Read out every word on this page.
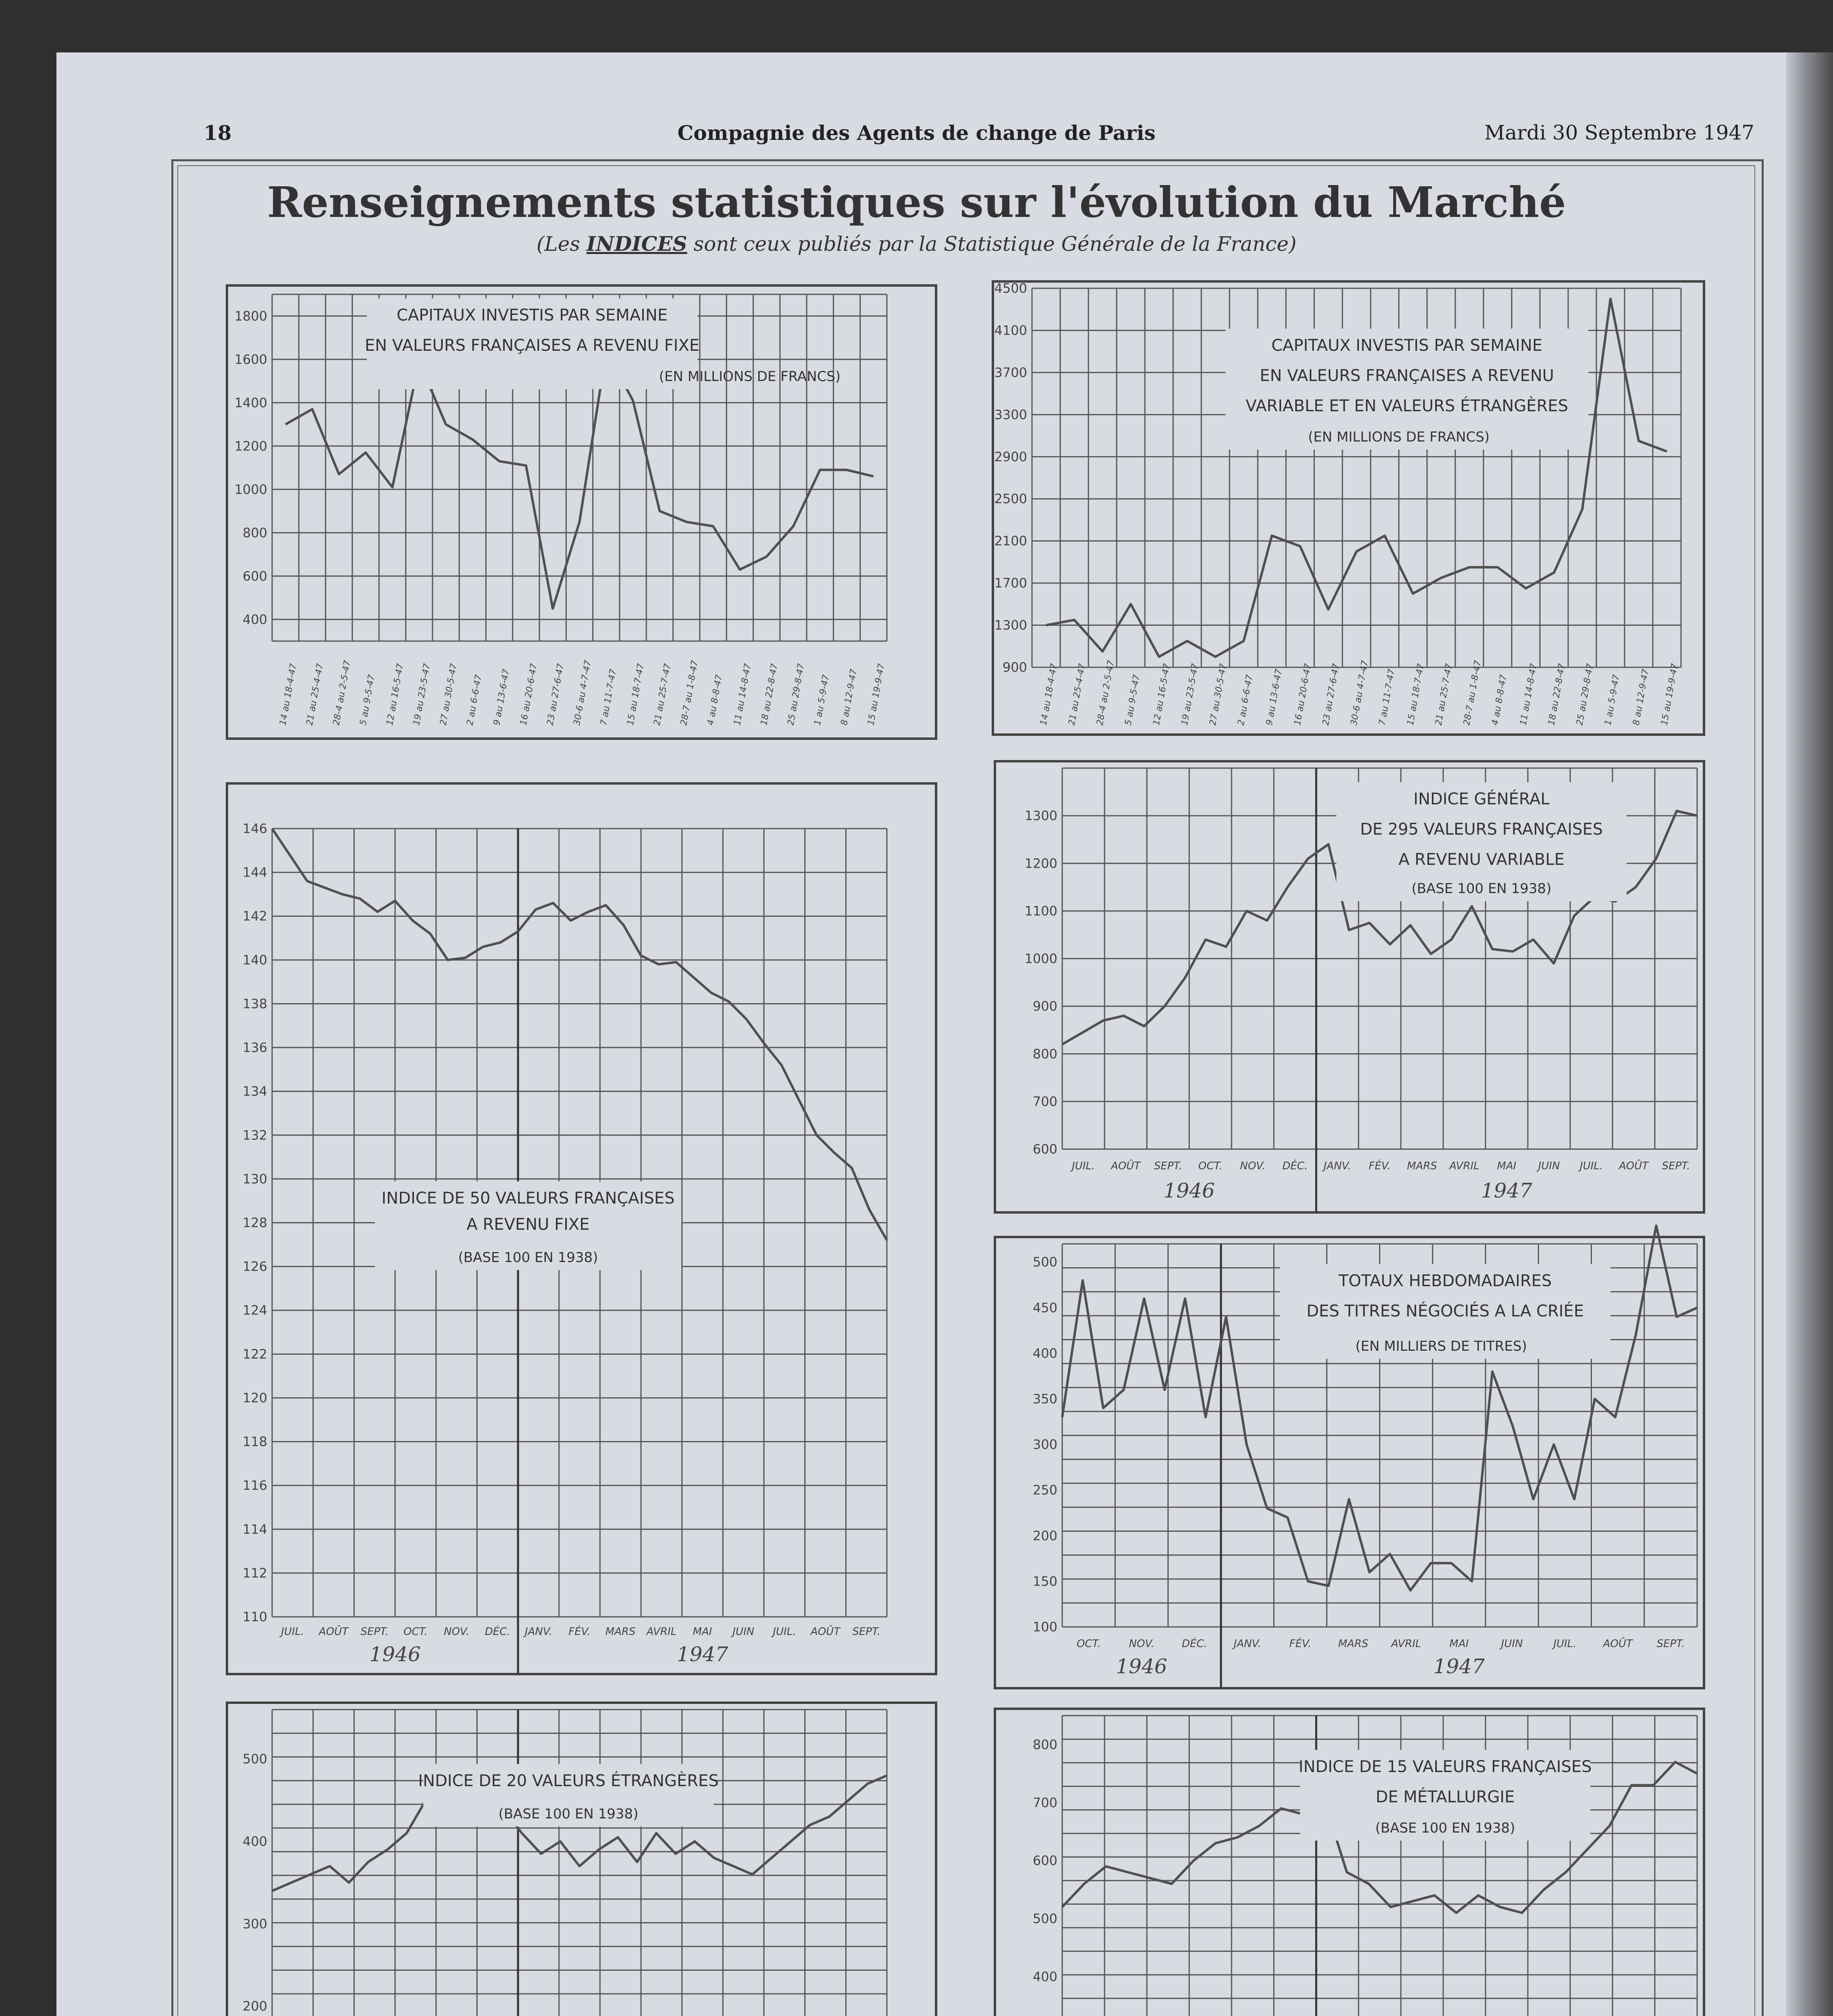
18	Compagnie des Agents de change de Paris	Mardi 30 Septembre 1947
Renseignements statistiques sur l'évolution du Marché
(Les INDICES sont ceux publiés par la Statistique Générale de la France)
400
600
800
1000
1200
1400
1600
1800
14 au 18-4-47 21 au 25-4-47 28-4 au 2-5-47 5 au 9-5-47 12 au 16-5-47 19 au 23-5-47 27 au 30-5-47 2 au 6-6-47 9 au 13-6-47 16 au 20-6-47 23 au 27-6-47 30-6 au 4-7-47 7 au 11-7-47 15 au 18-7-47 21 au 25-7-47 28-7 au 1-8-47 4 au 8-8-47 11 au 14-8-47 18 au 22-8-47 25 au 29-8-47 1 au 5-9-47 8 au 12-9-47 15 au 19-9-47
CAPITAUX INVESTIS PAR SEMAINE
EN VALEURS FRANÇAISES A REVENU FIXE
(EN MILLIONS DE FRANCS)
900
1300
1700
2100
2500
2900
3300
3700
4100
4500
14 au 18-4-47 21 au 25-4-47 28-4 au 2-5-47 5 au 9-5-47 12 au 16-5-47 19 au 23-5-47 27 au 30-5-47 2 au 6-6-47 9 au 13-6-47 16 au 20-6-47 23 au 27-6-47 30-6 au 4-7-47 7 au 11-7-47 15 au 18-7-47 21 au 25-7-47 28-7 au 1-8-47 4 au 8-8-47 11 au 14-8-47 18 au 22-8-47 25 au 29-8-47 1 au 5-9-47 8 au 12-9-47 15 au 19-9-47
CAPITAUX INVESTIS PAR SEMAINE
EN VALEURS FRANÇAISES A REVENU
VARIABLE ET EN VALEURS ÉTRANGÈRES
(EN MILLIONS DE FRANCS)
110
112
114
116
118
120
122
124
126
128
130
132
134
136
138
140
142
144
146
JUIL. AOÛT SEPT. OCT. NOV. DÉC. JANV. FÉV. MARS AVRIL MAI JUIN JUIL. AOÛT SEPT.
1946	1947
INDICE DE 50 VALEURS FRANÇAISES
A REVENU FIXE
(BASE 100 EN 1938)
600
700
800
900
1000
1100
1200
1300
JUIL. AOÛT SEPT. OCT. NOV. DÉC. JANV. FÉV. MARS AVRIL MAI JUIN JUIL. AOÛT SEPT.
1946	1947
INDICE GÉNÉRAL
DE 295 VALEURS FRANÇAISES
A REVENU VARIABLE
(BASE 100 EN 1938)
100
150
200
250
300
350
400
450
500
OCT.	NOV.	DÉC.	JANV.	FÉV.	MARS AVRIL	MAI	JUIN	JUIL.	AOÛT SEPT.
1946	1947
TOTAUX HEBDOMADAIRES
DES TITRES NÉGOCIÉS A LA CRIÉE
(EN MILLIERS DE TITRES)
200
300
400
500
INDICE DE 20 VALEURS ÉTRANGÈRES
(BASE 100 EN 1938)
400
500
600
700
800
INDICE DE 15 VALEURS FRANÇAISES
DE MÉTALLURGIE
(BASE 100 EN 1938)
